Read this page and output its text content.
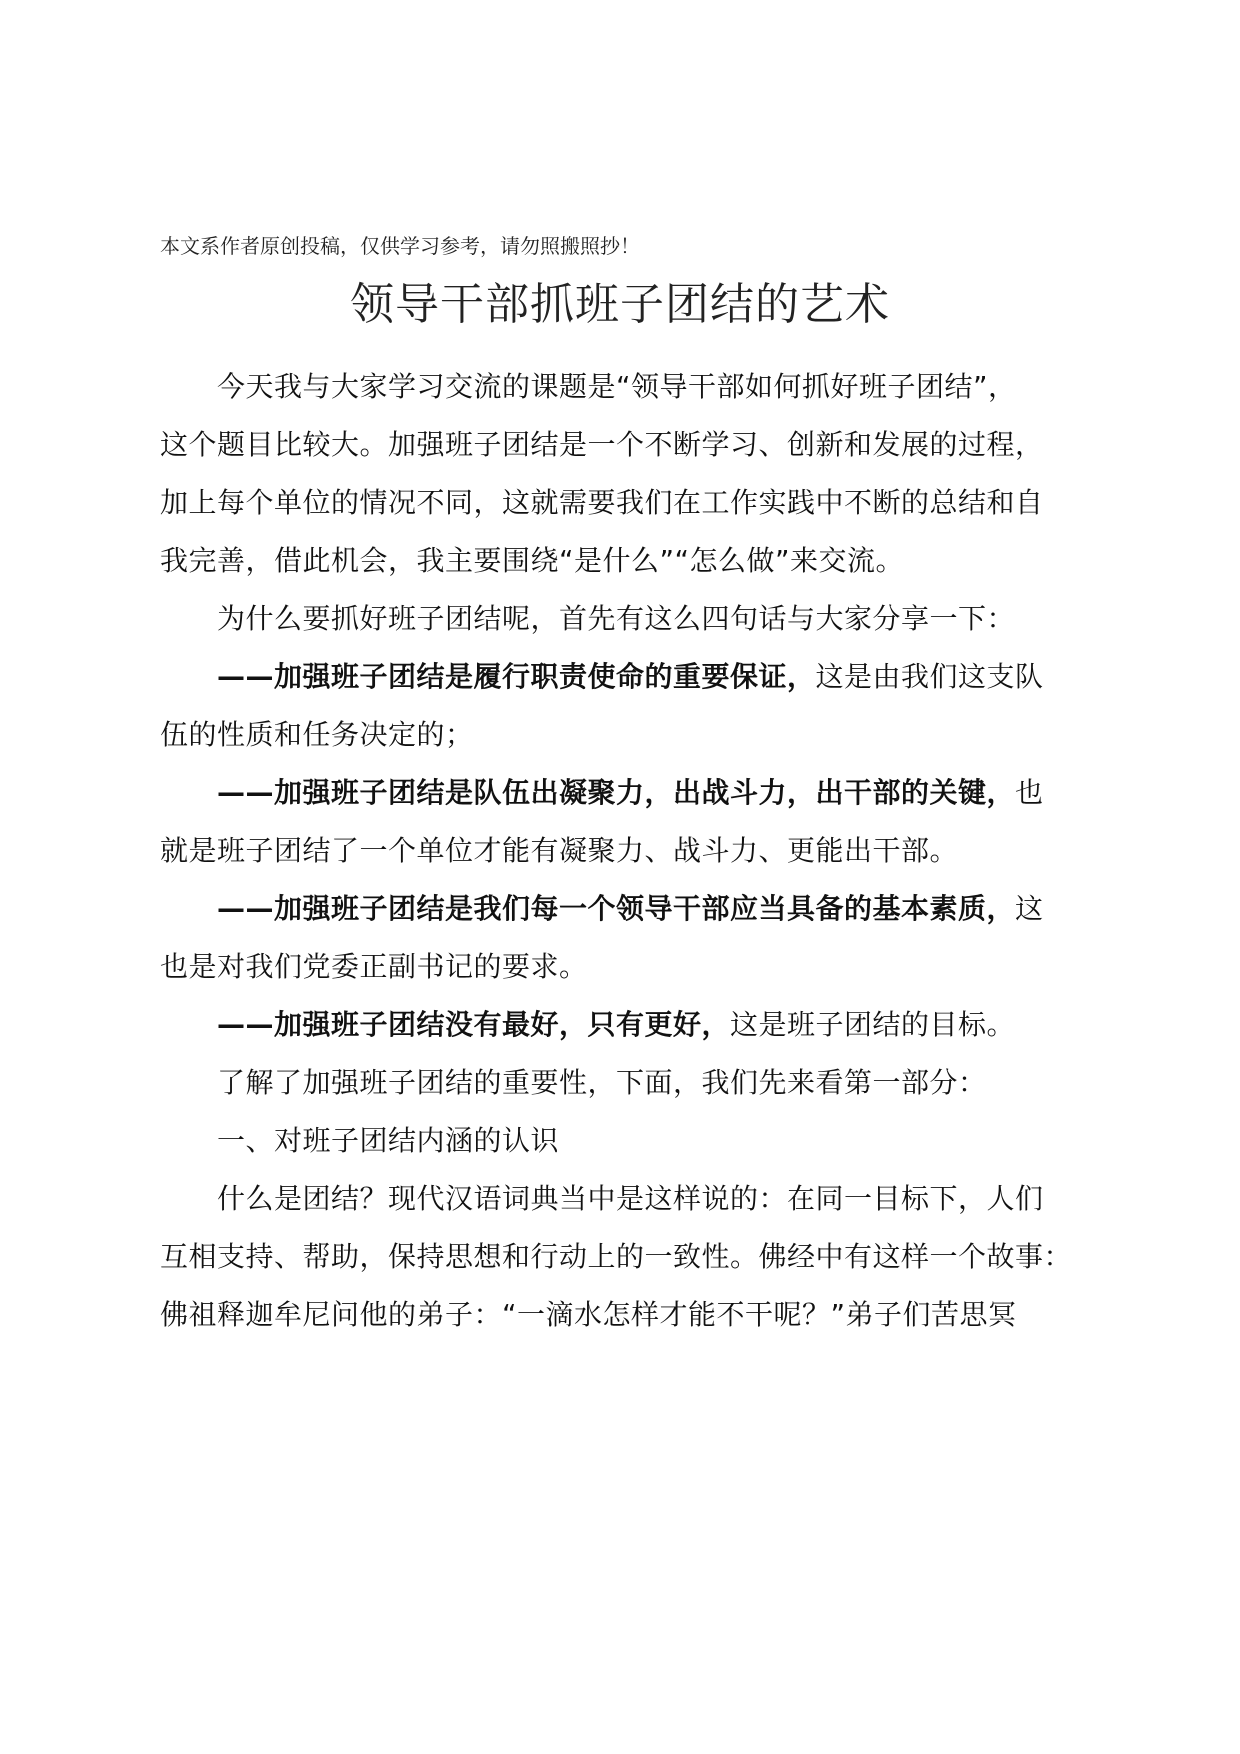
本文系作者原创投稿，仅供学习参考，请勿照搬照抄！
领导干部抓班子团结的艺术
今天我与大家学习交流的课题是“领导干部如何抓好班子团结”，
这个题目比较大。加强班子团结是一个不断学习、创新和发展的过程，
加上每个单位的情况不同，这就需要我们在工作实践中不断的总结和自
我完善，借此机会，我主要围绕“是什么”“怎么做”来交流。
为什么要抓好班子团结呢，首先有这么四句话与大家分享一下：
——加强班子团结是履行职责使命的重要保证，这是由我们这支队
伍的性质和任务决定的；
——加强班子团结是队伍出凝聚力，出战斗力，出干部的关键，也
就是班子团结了一个单位才能有凝聚力、战斗力、更能出干部。
——加强班子团结是我们每一个领导干部应当具备的基本素质，这
也是对我们党委正副书记的要求。
——加强班子团结没有最好，只有更好，这是班子团结的目标。
了解了加强班子团结的重要性，下面，我们先来看第一部分：
一、对班子团结内涵的认识
什么是团结？现代汉语词典当中是这样说的：在同一目标下，人们
互相支持、帮助，保持思想和行动上的一致性。佛经中有这样一个故事：
佛祖释迦牟尼问他的弟子：“一滴水怎样才能不干呢？”弟子们苦思冥
